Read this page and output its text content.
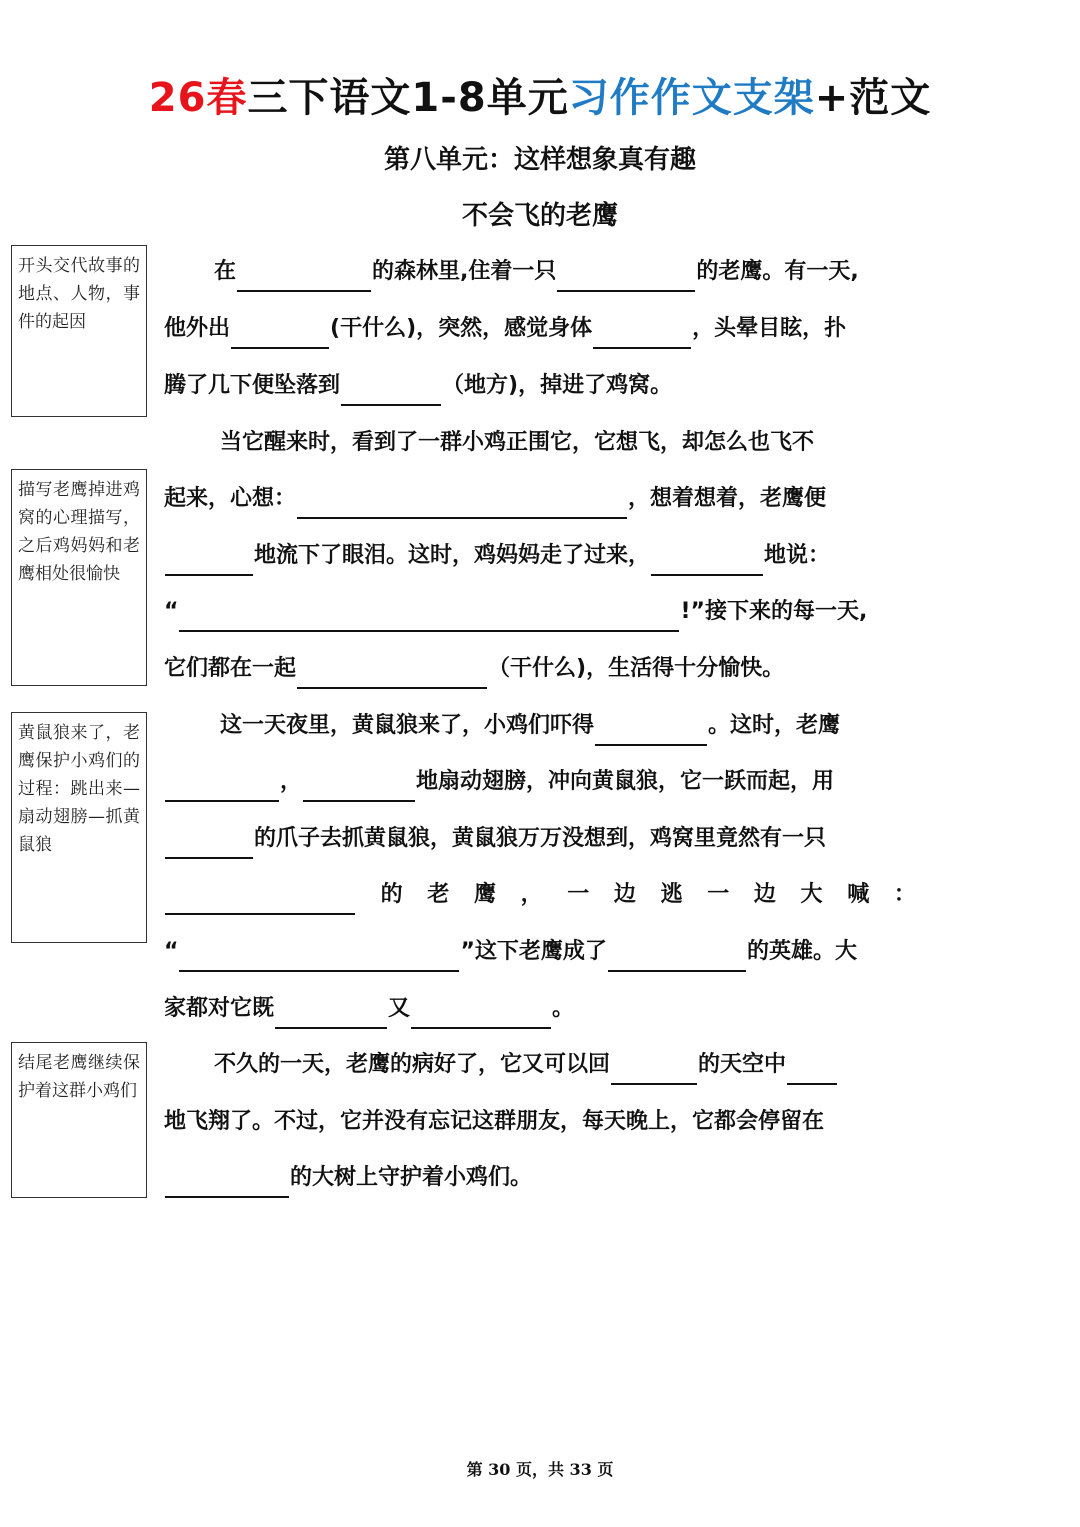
26春三下语文1-8单元习作作文支架+范文
第八单元：这样想象真有趣
不会飞的老鹰
开头交代故事的地点、人物，事件的起因
描写老鹰掉进鸡窝的心理描写，之后鸡妈妈和老鹰相处很愉快
黄鼠狼来了，老鹰保护小鸡们的过程：跳出来—扇动翅膀—抓黄鼠狼
结尾老鹰继续保护着这群小鸡们
在	的森林里,住着一只	的老鹰。有一天,
他外出	(干什么)，突然，感觉身体	，头晕目眩，扑
腾了几下便坠落到	（地方)，掉进了鸡窝。
当它醒来时，看到了一群小鸡正围它，它想飞，却怎么也飞不
起来，心想：	，想着想着，老鹰便
地流下了眼泪。这时，鸡妈妈走了过来，	地说：
“	!”接下来的每一天,
它们都在一起	（干什么)，生活得十分愉快。
这一天夜里，黄鼠狼来了，小鸡们吓得	。这时，老鹰
，	地扇动翅膀，冲向黄鼠狼，它一跃而起，用
的爪子去抓黄鼠狼，黄鼠狼万万没想到，鸡窝里竟然有一只
的 老 鹰 ， 一 边 逃 一 边 大 喊 ：
“	”这下老鹰成了	的英雄。大
家都对它既	又	。
不久的一天，老鹰的病好了，它又可以回	的天空中
地飞翔了。不过，它并没有忘记这群朋友，每天晚上，它都会停留在
的大树上守护着小鸡们。
第 30 页，共 33 页
